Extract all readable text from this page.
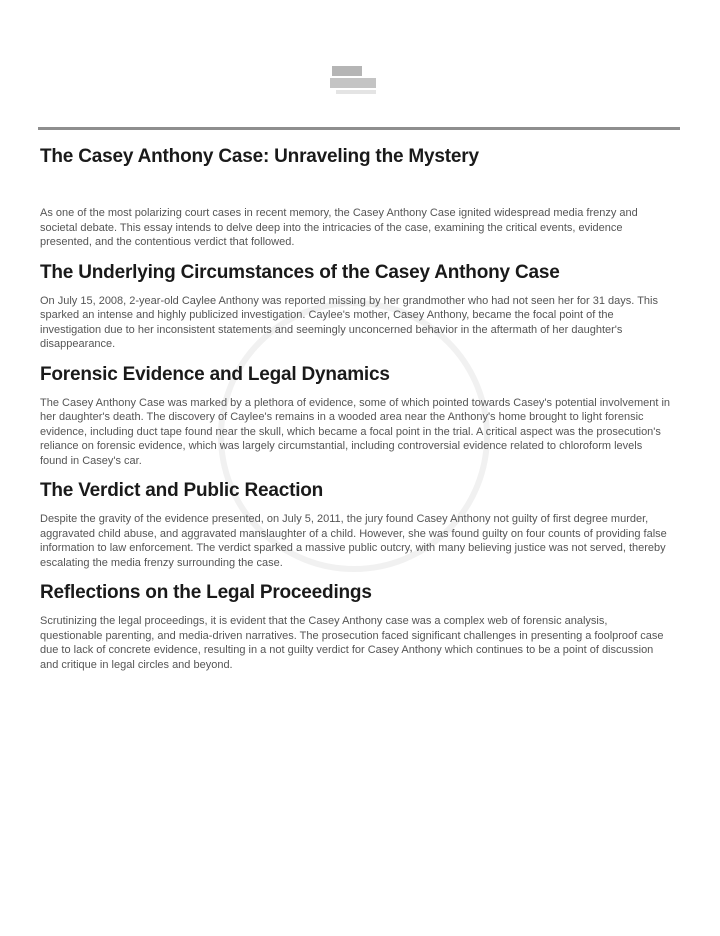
The Casey Anthony Case: Unraveling the Mystery

As one of the most polarizing court cases in recent memory, the Casey Anthony Case ignited widespread media frenzy and societal debate. This essay intends to delve deep into the intricacies of the case, examining the critical events, evidence presented, and the contentious verdict that followed.

The Underlying Circumstances of the Casey Anthony Case

On July 15, 2008, 2-year-old Caylee Anthony was reported missing by her grandmother who had not seen her for 31 days. This sparked an intense and highly publicized investigation. Caylee's mother, Casey Anthony, became the focal point of the investigation due to her inconsistent statements and seemingly unconcerned behavior in the aftermath of her daughter's disappearance.

Forensic Evidence and Legal Dynamics

The Casey Anthony Case was marked by a plethora of evidence, some of which pointed towards Casey's potential involvement in her daughter's death. The discovery of Caylee's remains in a wooded area near the Anthony's home brought to light forensic evidence, including duct tape found near the skull, which became a focal point in the trial. A critical aspect was the prosecution's reliance on forensic evidence, which was largely circumstantial, including controversial evidence related to chloroform levels found in Casey's car.

The Verdict and Public Reaction

Despite the gravity of the evidence presented, on July 5, 2011, the jury found Casey Anthony not guilty of first degree murder, aggravated child abuse, and aggravated manslaughter of a child. However, she was found guilty on four counts of providing false information to law enforcement. The verdict sparked a massive public outcry, with many believing justice was not served, thereby escalating the media frenzy surrounding the case.

Reflections on the Legal Proceedings

Scrutinizing the legal proceedings, it is evident that the Casey Anthony case was a complex web of forensic analysis, questionable parenting, and media-driven narratives. The prosecution faced significant challenges in presenting a foolproof case due to lack of concrete evidence, resulting in a not guilty verdict for Casey Anthony which continues to be a point of discussion and critique in legal circles and beyond.
